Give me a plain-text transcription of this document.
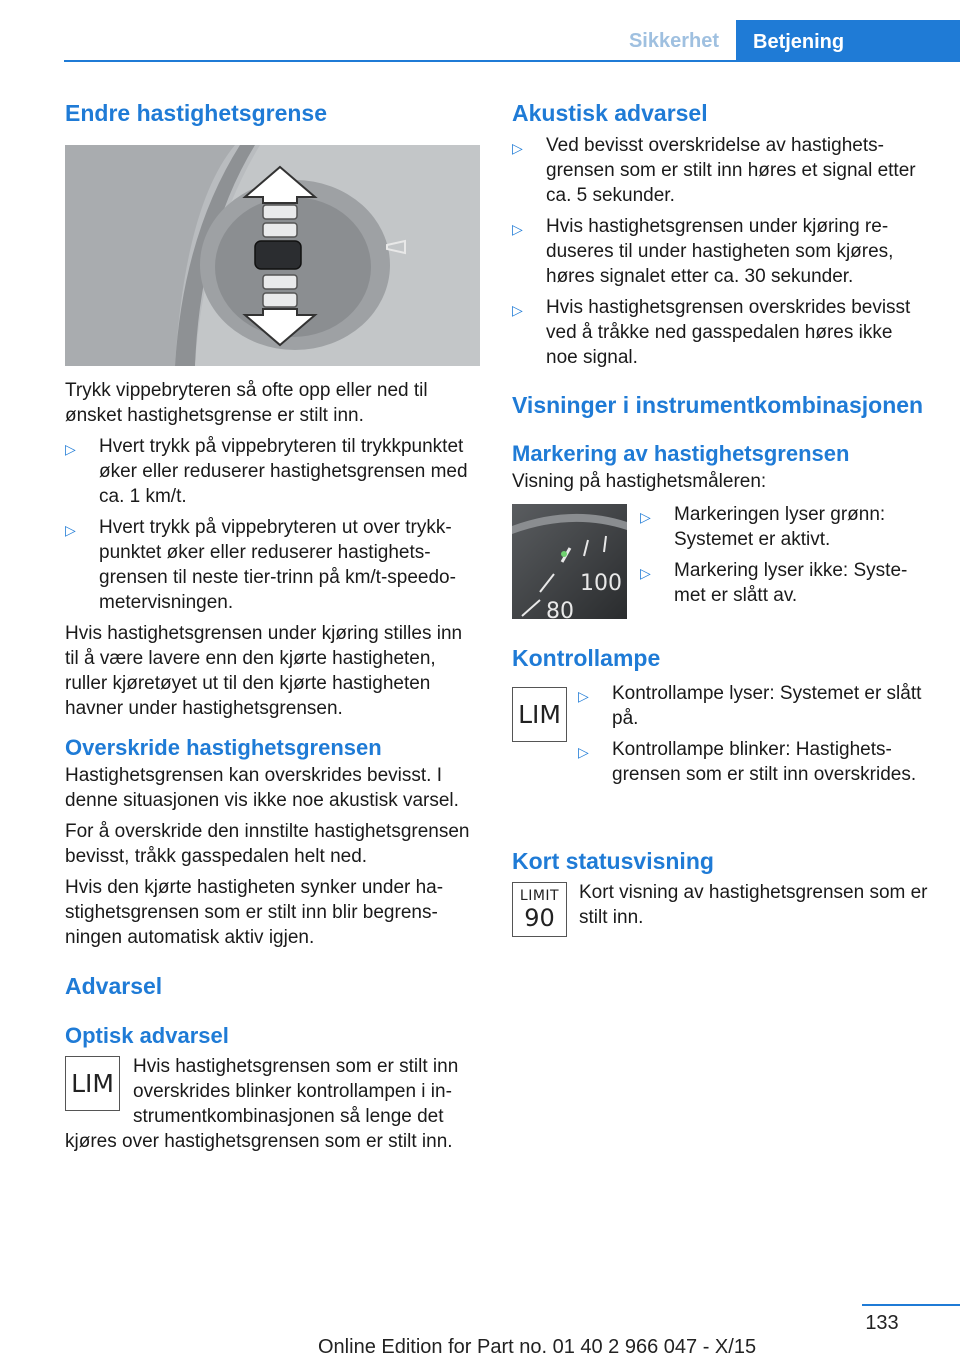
Sikkerhet	Betjening
Endre hastighetsgrense

Trykk vippebryteren så ofte opp eller ned til ønsket hastighetsgrense er stilt inn.

▷ Hvert trykk på vippebryteren til trykkpunktet øker eller reduserer hastighetsgrensen med ca. 1 km/t.
▷ Hvert trykk på vippebryteren ut over trykkpunktet øker eller reduserer hastighetsgrensen til neste tier-trinn på km/t-speedometervisningen.

Hvis hastighetsgrensen under kjøring stilles inn til å være lavere enn den kjørte hastigheten, ruller kjøretøyet ut til den kjørte hastigheten havner under hastighetsgrensen.

Overskride hastighetsgrensen

Hastighetsgrensen kan overskrides bevisst. I denne situasjonen vis ikke noe akustisk varsel.

For å overskride den innstilte hastighetsgrensen bevisst, tråkk gasspedalen helt ned.

Hvis den kjørte hastigheten synker under hastighetsgrensen som er stilt inn blir begrensningen automatisk aktiv igjen.

Advarsel
Optisk advarsel
LIM

Hvis hastighetsgrensen som er stilt inn overskrides blinker kontrollampen i instrumentkombinasjonen så lenge det kjøres over hastighetsgrensen som er stilt inn.

Akustisk advarsel
▷ Ved bevisst overskridelse av hastighetsgrensen som er stilt inn høres et signal etter ca. 5 sekunder.
▷ Hvis hastighetsgrensen under kjøring reduseres til under hastigheten som kjøres, høres signalet etter ca. 30 sekunder.
▷ Hvis hastighetsgrensen overskrides bevisst ved å tråkke ned gasspedalen høres ikke noe signal.
Visninger i instrumentkombinasjonen
Markering av hastighetsgrensen

Visning på hastighetsmåleren:

100
80
▷ Markeringen lyser grønn: Systemet er aktivt.
▷ Markering lyser ikke: Systemet er slått av.
Kontrollampe
LIM
▷ Kontrollampe lyser: Systemet er slått på.
▷ Kontrollampe blinker: Hastighetsgrensen som er stilt inn overskrides.
Kort statusvisning
LIMIT
90

Kort visning av hastighetsgrensen som er stilt inn.

133
Online Edition for Part no. 01 40 2 966 047 - X/15
